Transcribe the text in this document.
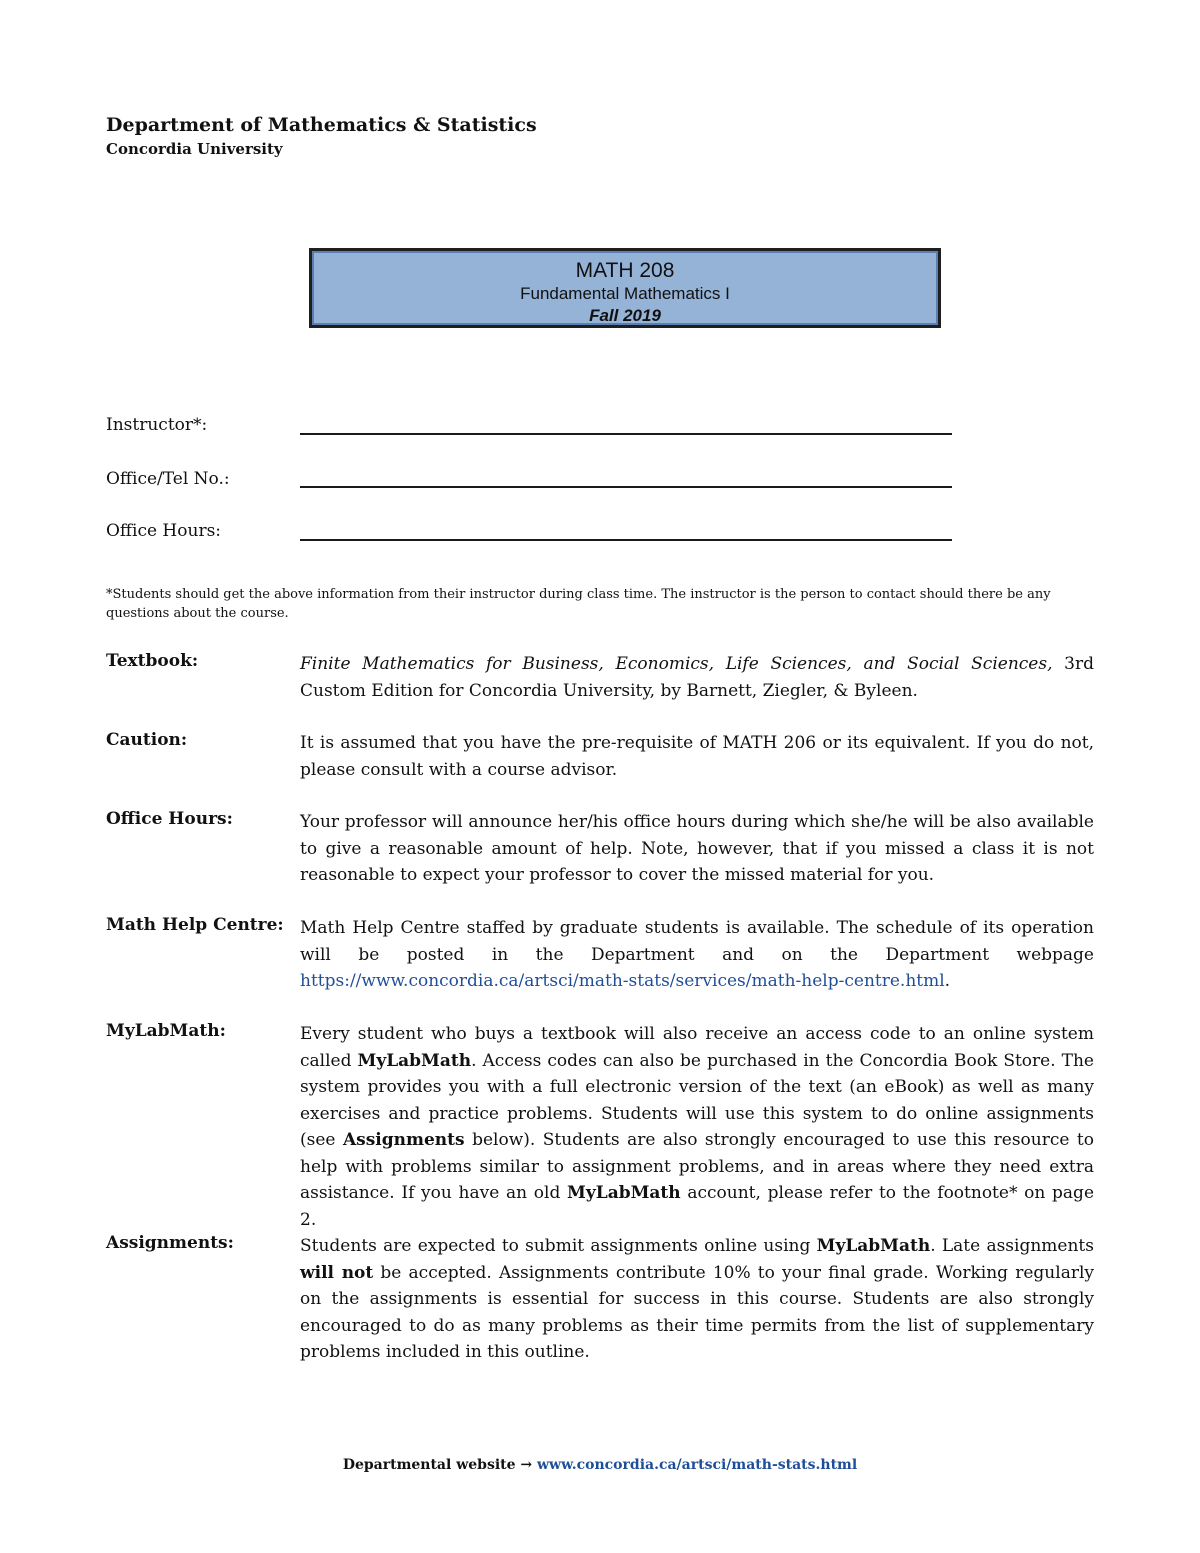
Department of Mathematics & Statistics
Concordia University
MATH 208
Fundamental Mathematics I
Fall 2019
Instructor*:
Office/Tel No.:
Office Hours:

*Students should get the above information from their instructor during class time. The instructor is the person to contact should there be any questions about the course.

Textbook:	Finite Mathematics for Business, Economics, Life Sciences, and Social Sciences, 3rd Custom Edition for Concordia University, by Barnett, Ziegler, & Byleen.

Caution:	It is assumed that you have the pre-requisite of MATH 206 or its equivalent. If you do not, please consult with a course advisor.

Office Hours:	Your professor will announce her/his office hours during which she/he will be also available to give a reasonable amount of help. Note, however, that if you missed a class it is not reasonable to expect your professor to cover the missed material for you.

Math Help Centre: Math Help Centre staffed by graduate students is available. The schedule of its operation will be posted in the Department and on the Department webpage https://www.concordia.ca/artsci/math-stats/services/math-help-centre.html.

MyLabMath:	Every student who buys a textbook will also receive an access code to an online system called MyLabMath. Access codes can also be purchased in the Concordia Book Store. The system provides you with a full electronic version of the text (an eBook) as well as many exercises and practice problems. Students will use this system to do online assignments (see Assignments below). Students are also strongly encouraged to use this resource to help with problems similar to assignment problems, and in areas where they need extra assistance. If you have an old MyLabMath account, please refer to the footnote* on page 2.

Assignments:	Students are expected to submit assignments online using MyLabMath. Late assignments will not be accepted. Assignments contribute 10% to your final grade. Working regularly on the assignments is essential for success in this course. Students are also strongly encouraged to do as many problems as their time permits from the list of supplementary problems included in this outline.

Departmental website → www.concordia.ca/artsci/math-stats.html
